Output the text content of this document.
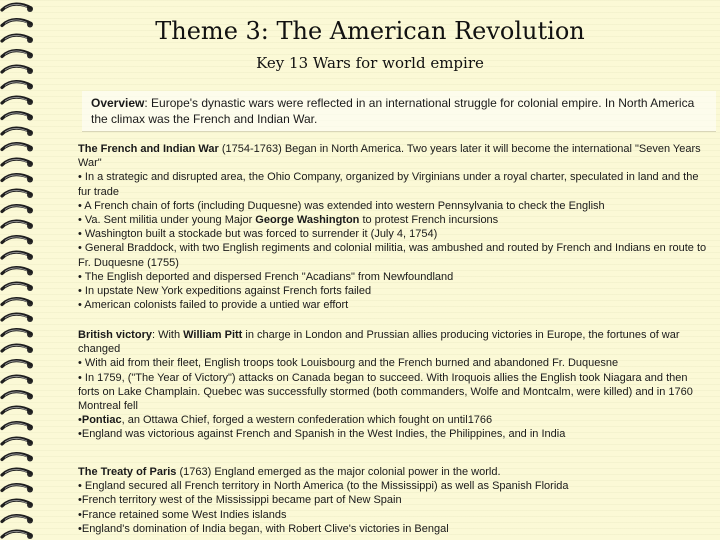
Theme 3: The American Revolution
Key 13 Wars for world empire
Overview: Europe's dynastic wars were reflected in an international struggle for colonial empire. In North America the climax was the French and Indian War.

The French and Indian War (1754-1763) Began in North America. Two years later it will become the international "Seven Years War"

• In a strategic and disrupted area, the Ohio Company, organized by Virginians under a royal charter, speculated in land and the fur trade

• A French chain of forts (including Duquesne) was extended into western Pennsylvania to check the English

• Va. Sent militia under young Major George Washington to protest French incursions

• Washington built a stockade but was forced to surrender it (July 4, 1754)

• General Braddock, with two English regiments and colonial militia, was ambushed and routed by French and Indians en route to Fr. Duquesne (1755)

• The English deported and dispersed French "Acadians" from Newfoundland

• In upstate New York expeditions against French forts failed

• American colonists failed to provide a untied war effort

British victory: With William Pitt in charge in London and Prussian allies producing victories in Europe, the fortunes of war changed

• With aid from their fleet, English troops took Louisbourg and the French burned and abandoned Fr. Duquesne

• In 1759, ("The Year of Victory") attacks on Canada began to succeed. With Iroquois allies the English took Niagara and then forts on Lake Champlain. Quebec was successfully stormed (both commanders, Wolfe and Montcalm, were killed) and in 1760 Montreal fell

•Pontiac, an Ottawa Chief, forged a western confederation which fought on until1766

•England was victorious against French and Spanish in the West Indies, the Philippines, and in India

The Treaty of Paris (1763) England emerged as the major colonial power in the world.

• England secured all French territory in North America (to the Mississippi) as well as Spanish Florida

•French territory west of the Mississippi became part of New Spain

•France retained some West Indies islands

•England's domination of India began, with Robert Clive's victories in Bengal
